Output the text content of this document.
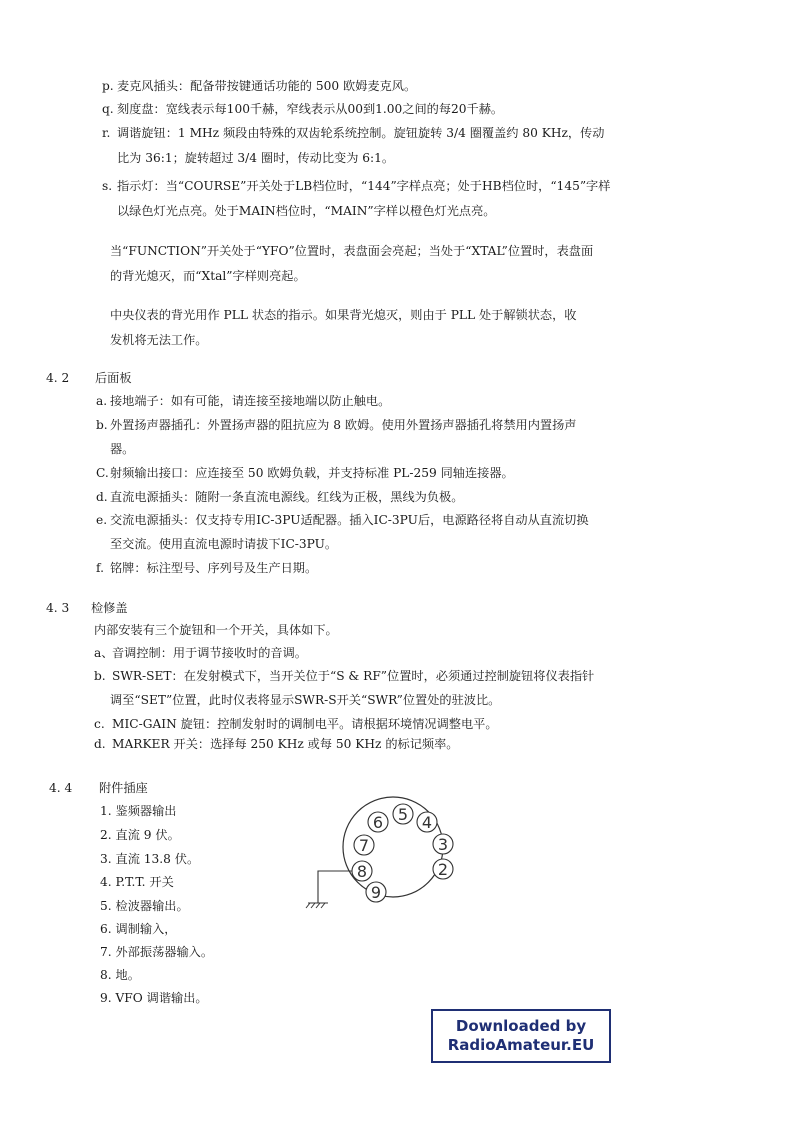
p. 麦克风插头：配备带按键通话功能的 500 欧姆麦克风。
q. 刻度盘：宽线表示每100千赫，窄线表示从00到1.00之间的每20千赫。
r. 调谐旋钮：1 MHz 频段由特殊的双齿轮系统控制。旋钮旋转 3/4 圈覆盖约 80 KHz，传动
比为 36:1；旋转超过 3/4 圈时，传动比变为 6:1。
s. 指示灯：当“COURSE”开关处于LB档位时，“144”字样点亮；处于HB档位时，“145”字样
以绿色灯光点亮。处于MAIN档位时，“MAIN”字样以橙色灯光点亮。
当“FUNCTION”开关处于“YFO”位置时，表盘面会亮起；当处于“XTAL”位置时，表盘面
的背光熄灭，而“Xtal”字样则亮起。
中央仪表的背光用作 PLL 状态的指示。如果背光熄灭，则由于 PLL 处于解锁状态，收
发机将无法工作。
4. 2 后面板
a. 接地端子：如有可能，请连接至接地端以防止触电。
b. 外置扬声器插孔：外置扬声器的阻抗应为 8 欧姆。使用外置扬声器插孔将禁用内置扬声
器。
C. 射频输出接口：应连接至 50 欧姆负载，并支持标准 PL-259 同轴连接器。
d. 直流电源插头：随附一条直流电源线。红线为正极，黑线为负极。
e. 交流电源插头：仅支持专用IC-3PU适配器。插入IC-3PU后，电源路径将自动从直流切换
至交流。使用直流电源时请拔下IC-3PU。
f. 铭牌：标注型号、序列号及生产日期。
4. 3 检修盖
内部安装有三个旋钮和一个开关，具体如下。
a、
音调控制：用于调节接收时的音调。
b. SWR-SET：在发射模式下，当开关位于“S & RF”位置时，必须通过控制旋钮将仪表指针
调至“SET”位置，此时仪表将显示SWR-S开关“SWR”位置处的驻波比。
c. MIC-GAIN 旋钮：控制发射时的调制电平。请根据环境情况调整电平。
d. MARKER 开关：选择每 250 KHz 或每 50 KHz 的标记频率。
4. 4 附件插座
1. 鉴频器输出
2. 直流 9 伏。
3. 直流 13.8 伏。
4. P.T.T. 开关
5. 检波器输出。
6. 调制输入，
7. 外部振荡器输入。
8. 地。
9. VFO 调谐输出。
5
6 4
7	3
8	2
9
Downloaded by
RadioAmateur.EU
